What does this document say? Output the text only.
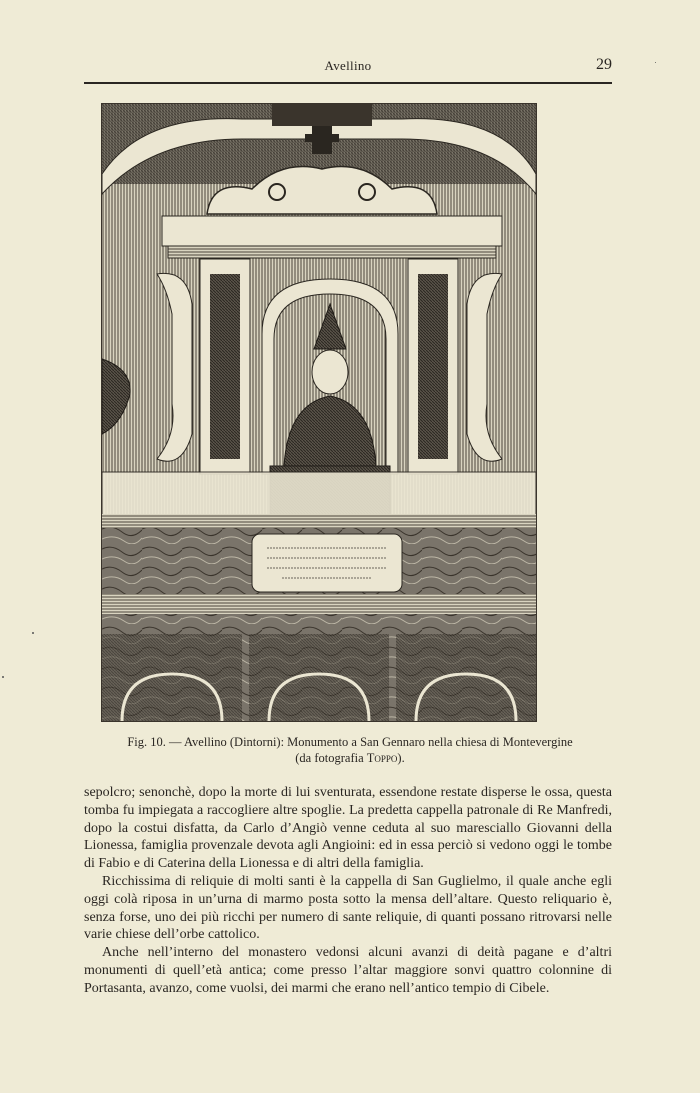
Avellino	29
Fig. 10. — Avellino (Dintorni): Monumento a San Gennaro nella chiesa di Montevergine
(da fotografia Toppo).

sepolcro; senonchè, dopo la morte di lui sventurata, essendone restate disperse le ossa, questa tomba fu impiegata a raccogliere altre spoglie. La predetta cappella patronale di Re Manfredi, dopo la costui disfatta, da Carlo d’Angiò venne ceduta al suo maresciallo Giovanni della Lionessa, famiglia provenzale devota agli Angioini: ed in essa perciò si vedono oggi le tombe di Fabio e di Caterina della Lionessa e di altri della famiglia.

Ricchissima di reliquie di molti santi è la cappella di San Guglielmo, il quale anche egli oggi colà riposa in un’urna di marmo posta sotto la mensa dell’altare. Questo reliquario è, senza forse, uno dei più ricchi per numero di sante reliquie, di quanti possano ritrovarsi nelle varie chiese dell’orbe cattolico.

Anche nell’interno del monastero vedonsi alcuni avanzi di deità pagane e d’altri monumenti di quell’età antica; come presso l’altar maggiore sonvi quattro colonnine di Portasanta, avanzo, come vuolsi, dei marmi che erano nell’antico tempio di Cibele.
